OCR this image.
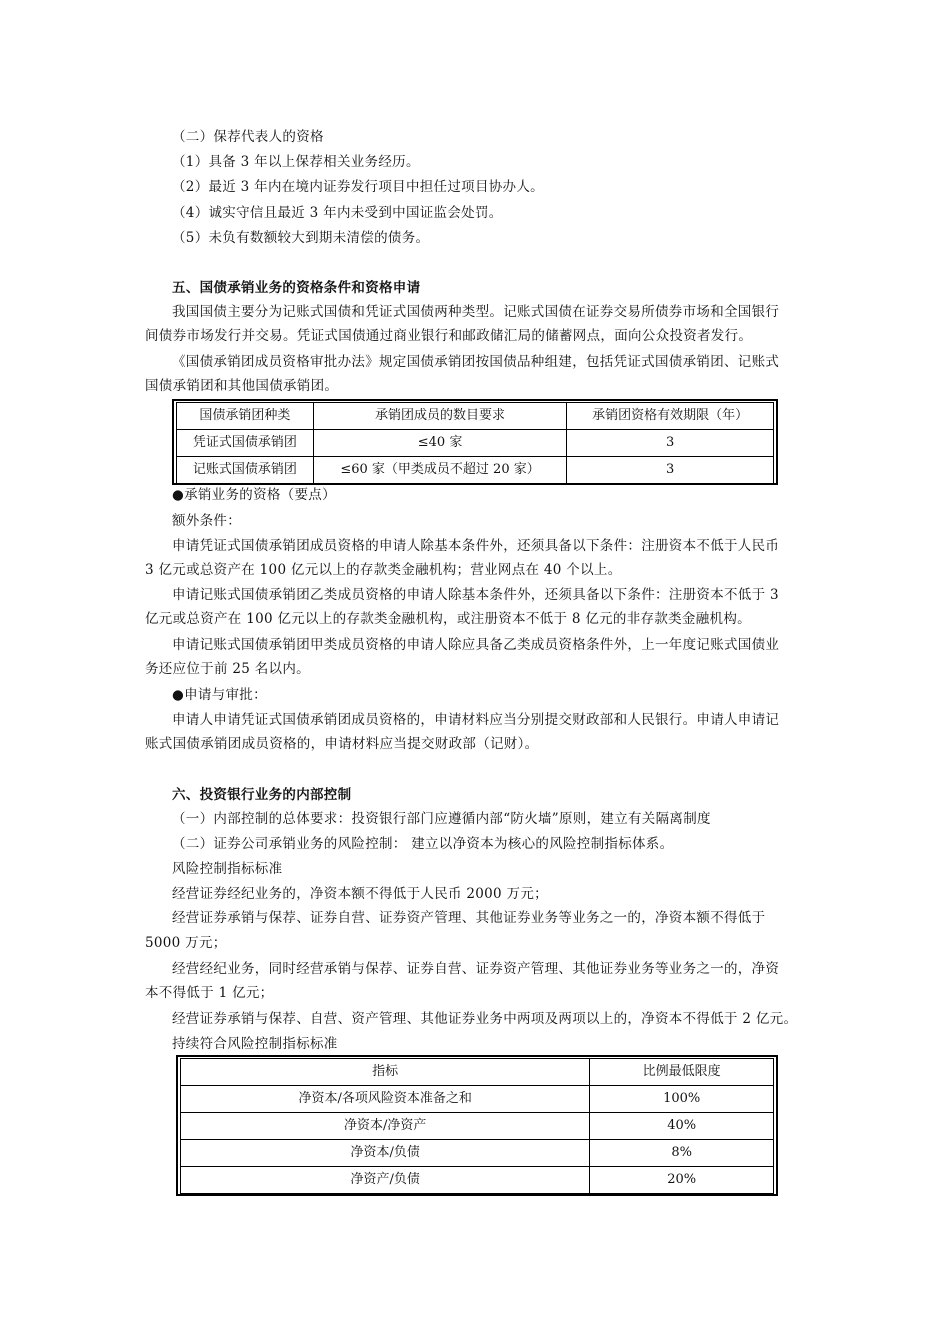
（二）保荐代表人的资格
（1）具备 3 年以上保荐相关业务经历。
（2）最近 3 年内在境内证券发行项目中担任过项目协办人。
（4）诚实守信且最近 3 年内未受到中国证监会处罚。
（5）未负有数额较大到期未清偿的债务。
五、国债承销业务的资格条件和资格申请
我国国债主要分为记账式国债和凭证式国债两种类型。记账式国债在证券交易所债券市场和全国银行
间债券市场发行并交易。凭证式国债通过商业银行和邮政储汇局的储蓄网点，面向公众投资者发行。
《国债承销团成员资格审批办法》规定国债承销团按国债品种组建，包括凭证式国债承销团、记账式
国债承销团和其他国债承销团。
国债承销团种类	承销团成员的数目要求	承销团资格有效期限（年）
凭证式国债承销团	≤40 家	3
记账式国债承销团	≤60 家（甲类成员不超过 20 家）	3
●承销业务的资格（要点）
额外条件：
申请凭证式国债承销团成员资格的申请人除基本条件外，还须具备以下条件：注册资本不低于人民币
3 亿元或总资产在 100 亿元以上的存款类金融机构；营业网点在 40 个以上。
申请记账式国债承销团乙类成员资格的申请人除基本条件外，还须具备以下条件：注册资本不低于 3
亿元或总资产在 100 亿元以上的存款类金融机构，或注册资本不低于 8 亿元的非存款类金融机构。
申请记账式国债承销团甲类成员资格的申请人除应具备乙类成员资格条件外，上一年度记账式国债业
务还应位于前 25 名以内。
●申请与审批：
申请人申请凭证式国债承销团成员资格的，申请材料应当分别提交财政部和人民银行。申请人申请记
账式国债承销团成员资格的，申请材料应当提交财政部（记财）。
六、投资银行业务的内部控制
（一）内部控制的总体要求：投资银行部门应遵循内部“防火墙”原则，建立有关隔离制度
（二）证券公司承销业务的风险控制： 建立以净资本为核心的风险控制指标体系。
风险控制指标标准
经营证券经纪业务的，净资本额不得低于人民币 2000 万元；
经营证券承销与保荐、证券自营、证券资产管理、其他证券业务等业务之一的，净资本额不得低于
5000 万元；
经营经纪业务，同时经营承销与保荐、证券自营、证券资产管理、其他证券业务等业务之一的，净资
本不得低于 1 亿元；
经营证券承销与保荐、自营、资产管理、其他证券业务中两项及两项以上的，净资本不得低于 2 亿元。
持续符合风险控制指标标准
指标	比例最低限度
净资本/各项风险资本准备之和	100%
净资本/净资产	40%
净资本/负债	8%
净资产/负债	20%
